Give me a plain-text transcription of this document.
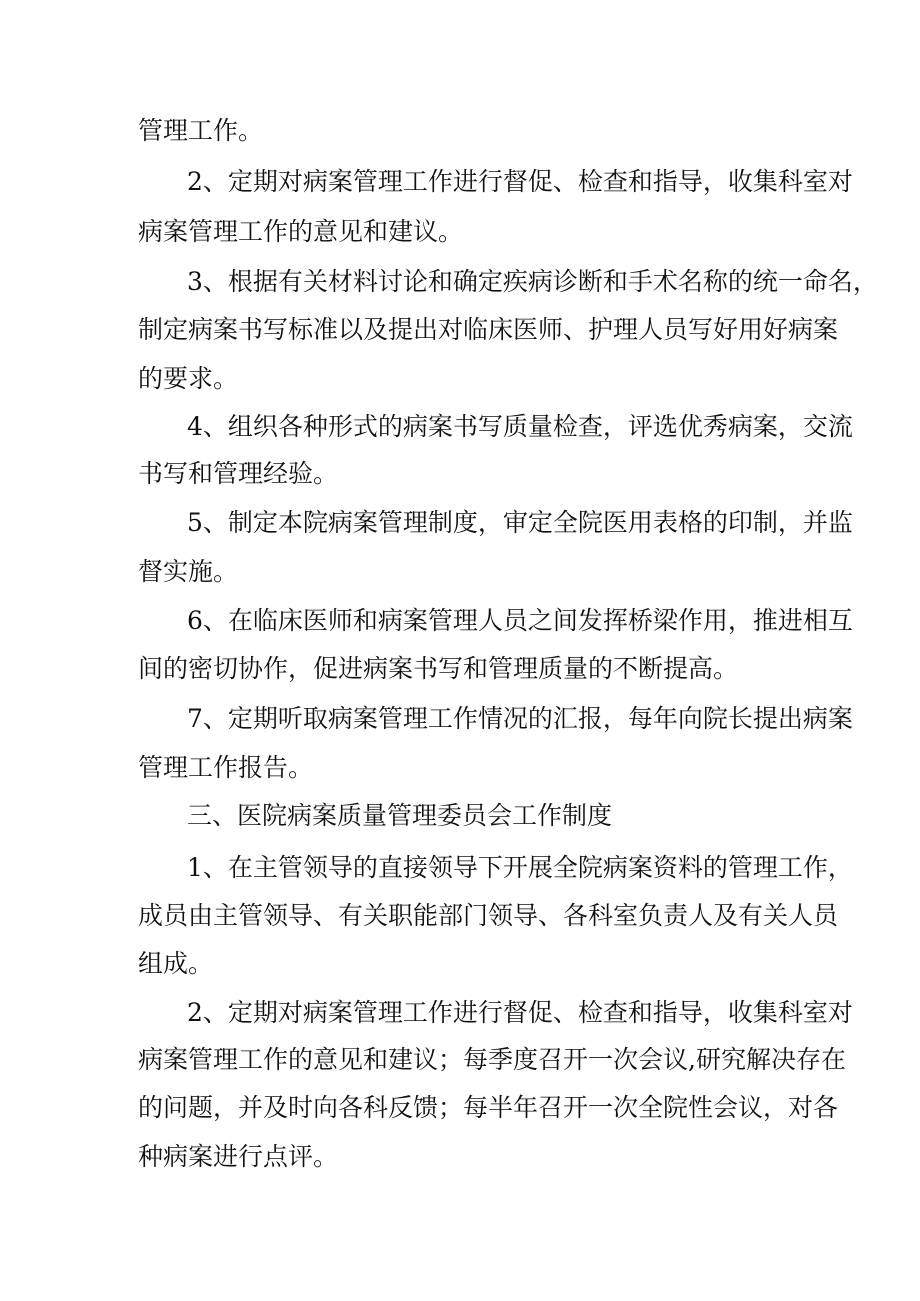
管理工作。
2、定期对病案管理工作进行督促、检查和指导，收集科室对
病案管理工作的意见和建议。
3、根据有关材料讨论和确定疾病诊断和手术名称的统一命名，
制定病案书写标准以及提出对临床医师、护理人员写好用好病案
的要求。
4、组织各种形式的病案书写质量检查，评选优秀病案，交流
书写和管理经验。
5、制定本院病案管理制度，审定全院医用表格的印制，并监
督实施。
6、在临床医师和病案管理人员之间发挥桥梁作用，推进相互
间的密切协作，促进病案书写和管理质量的不断提高。
7、定期听取病案管理工作情况的汇报，每年向院长提出病案
管理工作报告。
三、医院病案质量管理委员会工作制度
1、在主管领导的直接领导下开展全院病案资料的管理工作，
成员由主管领导、有关职能部门领导、各科室负责人及有关人员
组成。
2、定期对病案管理工作进行督促、检查和指导，收集科室对
病案管理工作的意见和建议；每季度召开一次会议,研究解决存在
的问题，并及时向各科反馈；每半年召开一次全院性会议，对各
种病案进行点评。
